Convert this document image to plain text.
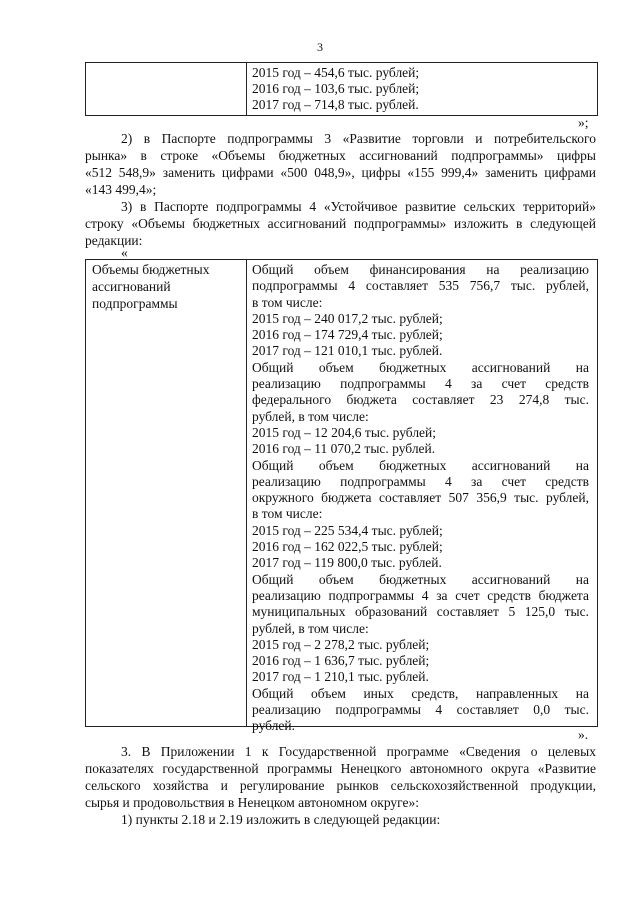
3
2015 год – 454,6 тыс. рублей;
2016 год – 103,6 тыс. рублей;
2017 год – 714,8 тыс. рублей.
»;
2) в Паспорте подпрограммы 3 «Развитие торговли и потребительского
рынка» в строке «Объемы бюджетных ассигнований подпрограммы» цифры
«512 548,9» заменить цифрами «500 048,9», цифры «155 999,4» заменить цифрами
«143 499,4»;
3) в Паспорте подпрограммы 4 «Устойчивое развитие сельских территорий»
строку «Объемы бюджетных ассигнований подпрограммы» изложить в следующей
редакции:
«
Объемы бюджетных ассигнований подпрограммы
Общий объем финансирования на реализацию
подпрограммы 4 составляет 535 756,7 тыс. рублей,
в том числе:
2015 год – 240 017,2 тыс. рублей;
2016 год – 174 729,4 тыс. рублей;
2017 год – 121 010,1 тыс. рублей.
Общий объем бюджетных ассигнований на
реализацию подпрограммы 4 за счет средств
федерального бюджета составляет 23 274,8 тыс.
рублей, в том числе:
2015 год – 12 204,6 тыс. рублей;
2016 год – 11 070,2 тыс. рублей.
Общий объем бюджетных ассигнований на
реализацию подпрограммы 4 за счет средств
окружного бюджета составляет 507 356,9 тыс. рублей,
в том числе:
2015 год – 225 534,4 тыс. рублей;
2016 год – 162 022,5 тыс. рублей;
2017 год – 119 800,0 тыс. рублей.
Общий объем бюджетных ассигнований на
реализацию подпрограммы 4 за счет средств бюджета
муниципальных образований составляет 5 125,0 тыс.
рублей, в том числе:
2015 год – 2 278,2 тыс. рублей;
2016 год – 1 636,7 тыс. рублей;
2017 год – 1 210,1 тыс. рублей.
Общий объем иных средств, направленных на
реализацию подпрограммы 4 составляет 0,0 тыс.
рублей.
».
3. В Приложении 1 к Государственной программе «Сведения о целевых
показателях государственной программы Ненецкого автономного округа «Развитие
сельского хозяйства и регулирование рынков сельскохозяйственной продукции,
сырья и продовольствия в Ненецком автономном округе»:
1) пункты 2.18 и 2.19 изложить в следующей редакции:
